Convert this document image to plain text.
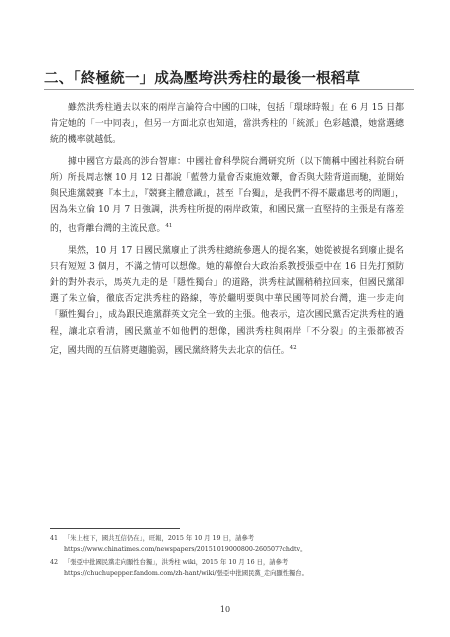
二、「終極統一」成為壓垮洪秀柱的最後一根稻草

雖然洪秀柱過去以來的兩岸言論符合中國的口味，包括「環球時報」在 6 月 15 日都肯定她的「一中同表」，但另一方面北京也知道，當洪秀柱的「統派」色彩越濃，她當選總統的機率就越低。

據中國官方最高的涉台智庫：中國社會科學院台灣研究所（以下簡稱中國社科院台研所）所長周志懷 10 月 12 日都說「藍營力量會否東施效顰，會否與大陸背道而馳，並開始與民進黨競賽『本土』，『競賽主體意識』，甚至『台獨』，是我們不得不嚴肅思考的問題」，因為朱立倫 10 月 7 日強調，洪秀柱所提的兩岸政策，和國民黨一直堅持的主張是有落差的，也背離台灣的主流民意。$^{41}$

果然，10 月 17 日國民黨廢止了洪秀柱總統參選人的提名案，她從被提名到廢止提名只有短短 3 個月，不滿之情可以想像。她的幕僚台大政治系教授張亞中在 16 日先打預防針的對外表示，馬英九走的是「隱性獨台」的道路，洪秀柱試圖稍稍拉回來，但國民黨卻選了朱立倫，徹底否定洪秀柱的路線，等於繼明要與中華民國等同於台灣，進一步走向「顯性獨台」，成為跟民進黨群英文完全一致的主張。他表示，這次國民黨否定洪秀柱的過程，讓北京看清，國民黨並不如他們的想像，國洪秀柱與兩岸「不分裂」的主張都被否定，國共間的互信將更趨脆弱，國民黨終將失去北京的信任。$^{42}$

41 「朱上柱下，國共互信仍在」，旺報，2015 年 10 月 19 日，請參考 https://www.chinatimes.com/newspapers/20151019000800-260507?chdtv。
42 「張亞中批國民黨走向顯性台獨」，洪秀柱 wiki，2015 年 10 月 16 日，請參考 https://chuchupepper.fandom.com/zh-hant/wiki/張亞中批國民黨_走向顯性獨台。
10
